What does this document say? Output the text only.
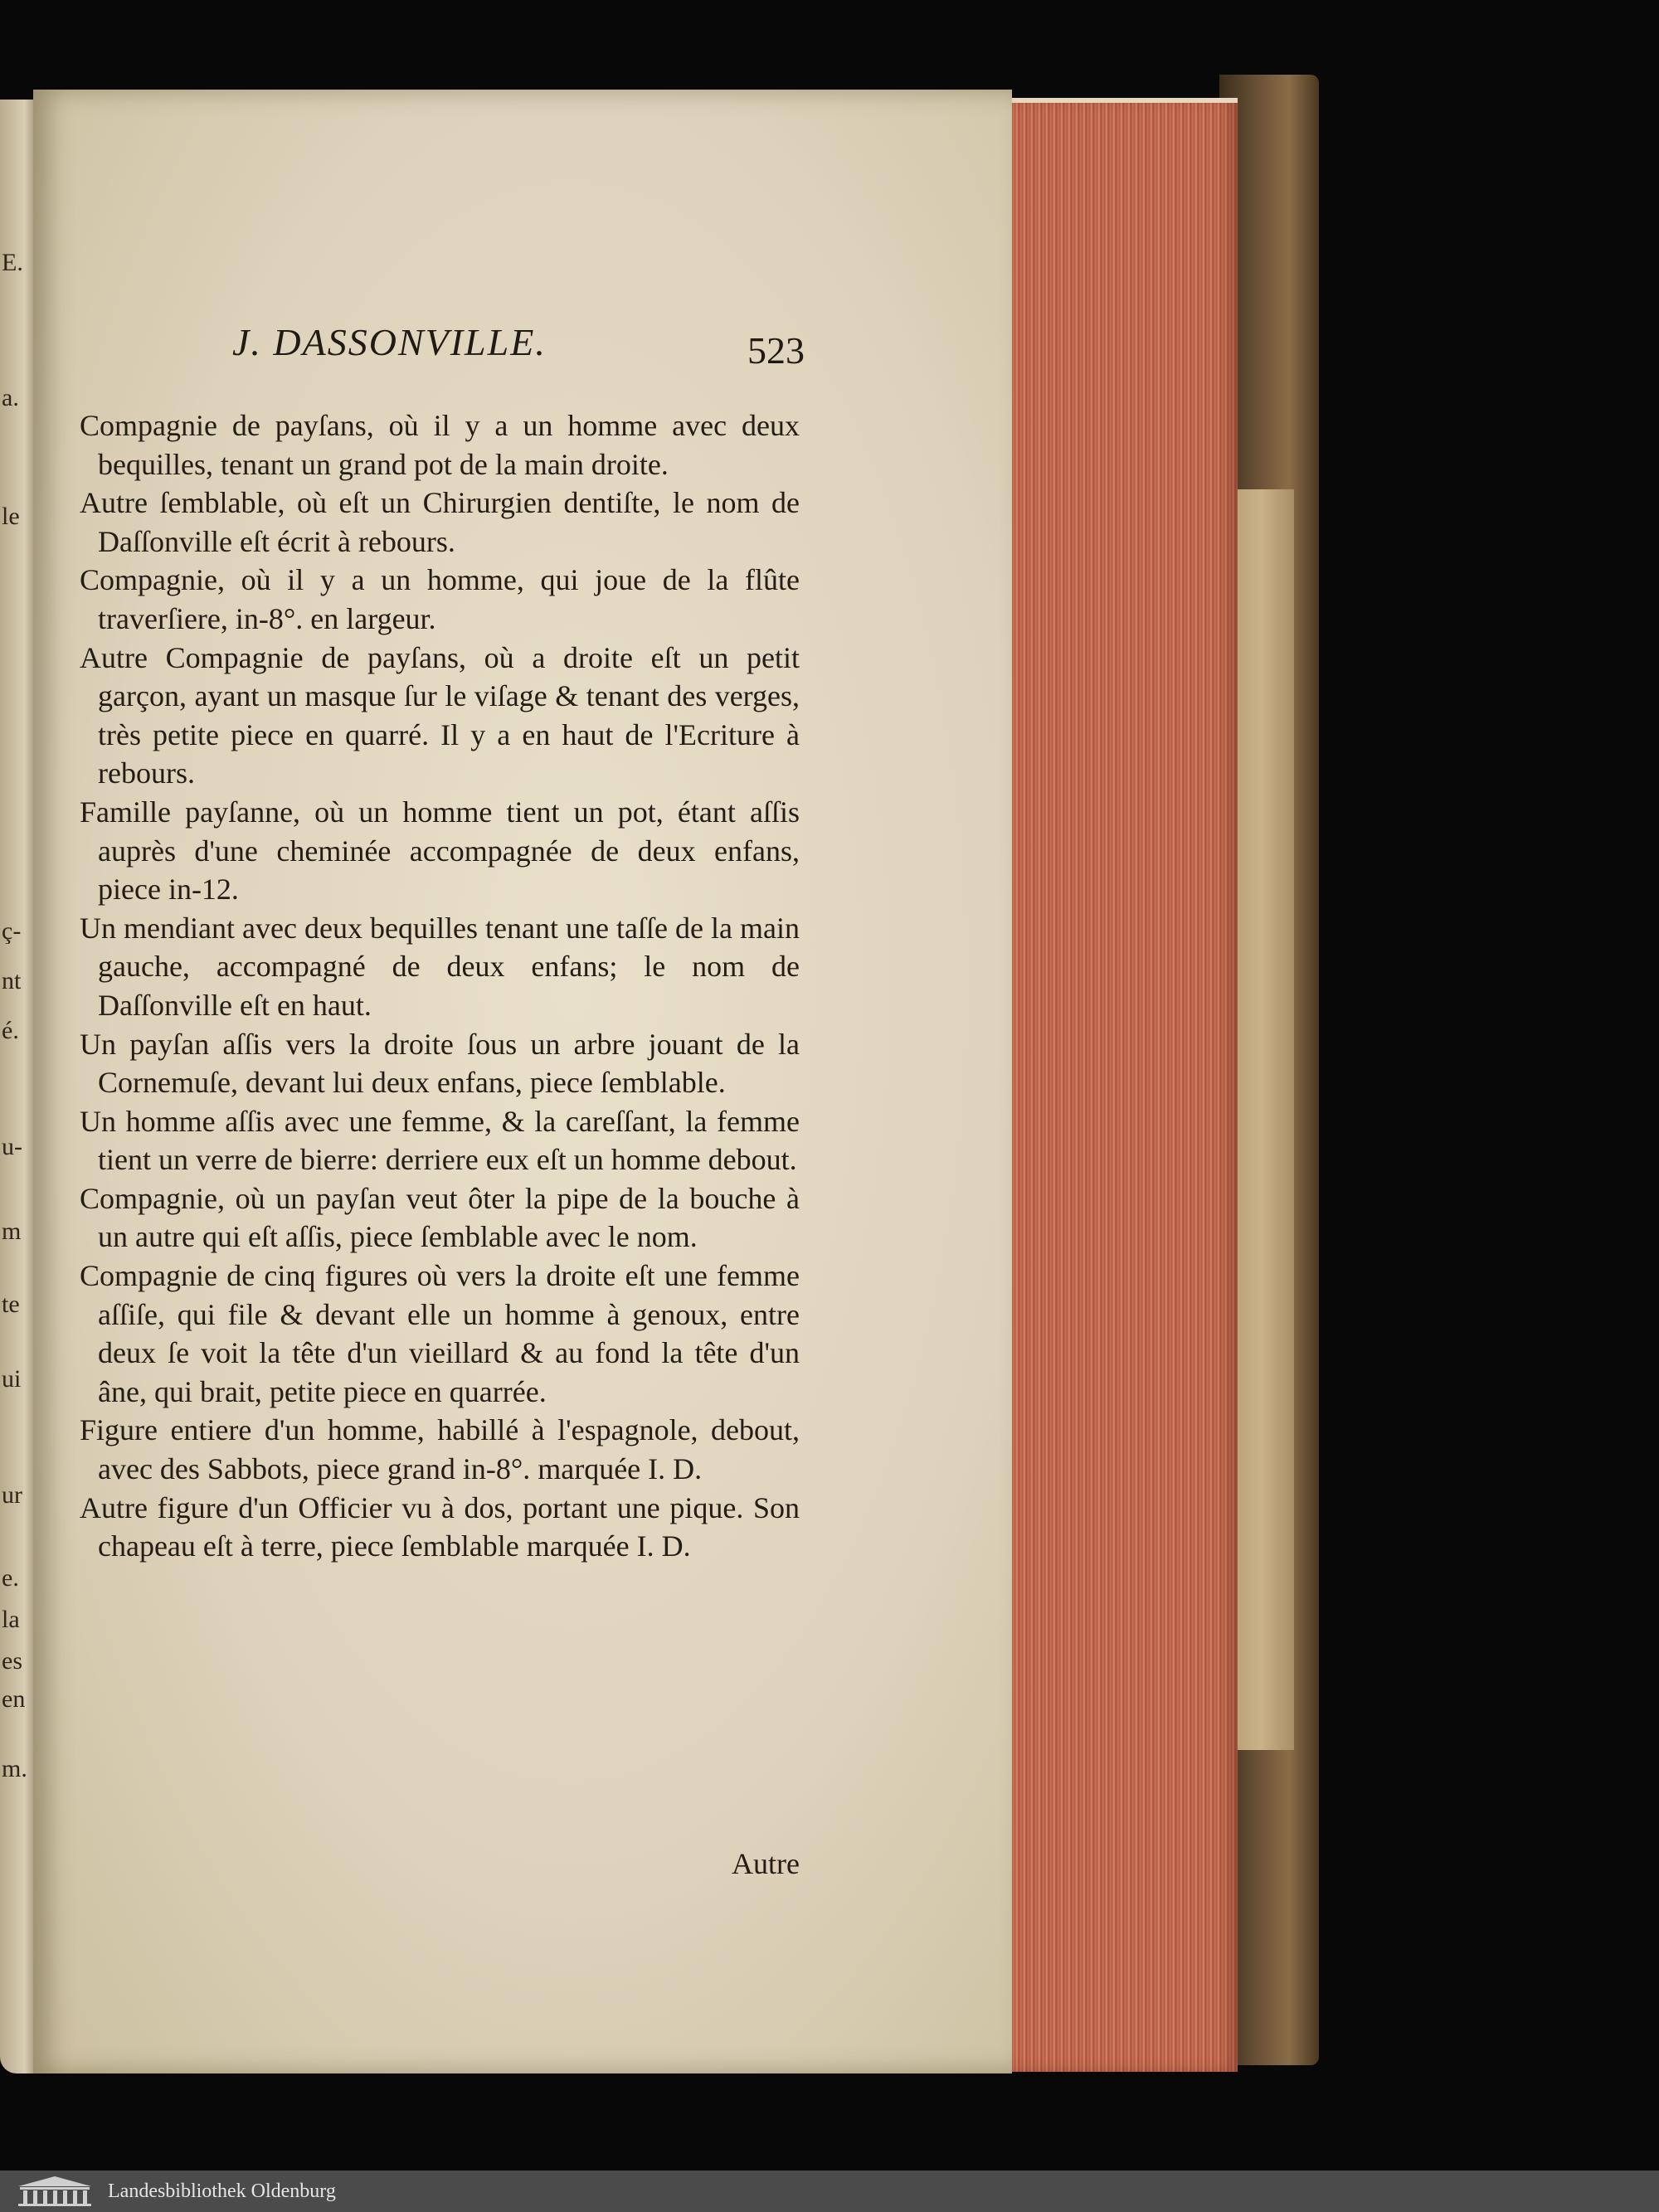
E.
a.
le
ç-
nt
é.
u-
m
te
ui
ur
e.
la
es
en
m.
J. DASSONVILLE.	523

Compagnie de payſans, où il y a un homme avec deux bequilles, tenant un grand pot de la main droite.

Autre ſemblable, où eſt un Chirurgien dentiſte, le nom de Daſſonville eſt écrit à rebours.

Compagnie, où il y a un homme, qui joue de la flûte traverſiere, in-8°. en largeur.

Autre Compagnie de payſans, où a droite eſt un petit garçon, ayant un masque ſur le viſage & tenant des verges, très petite piece en quarré. Il y a en haut de l'Ecriture à rebours.

Famille payſanne, où un homme tient un pot, étant aſſis auprès d'une cheminée accompagnée de deux enfans, piece in-12.

Un mendiant avec deux bequilles tenant une taſſe de la main gauche, accompagné de deux enfans; le nom de Daſſonville eſt en haut.

Un payſan aſſis vers la droite ſous un arbre jouant de la Cornemuſe, devant lui deux enfans, piece ſemblable.

Un homme aſſis avec une femme, & la careſſant, la femme tient un verre de bierre: derriere eux eſt un homme debout.

Compagnie, où un payſan veut ôter la pipe de la bouche à un autre qui eſt aſſis, piece ſemblable avec le nom.

Compagnie de cinq figures où vers la droite eſt une femme aſſiſe, qui file & devant elle un homme à genoux, entre deux ſe voit la tête d'un vieillard & au fond la tête d'un âne, qui brait, petite piece en quarrée.

Figure entiere d'un homme, habillé à l'espagnole, debout, avec des Sabbots, piece grand in-8°. marquée I. D.

Autre figure d'un Officier vu à dos, portant une pique. Son chapeau eſt à terre, piece ſemblable marquée I. D.

Autre
Landesbibliothek Oldenburg
